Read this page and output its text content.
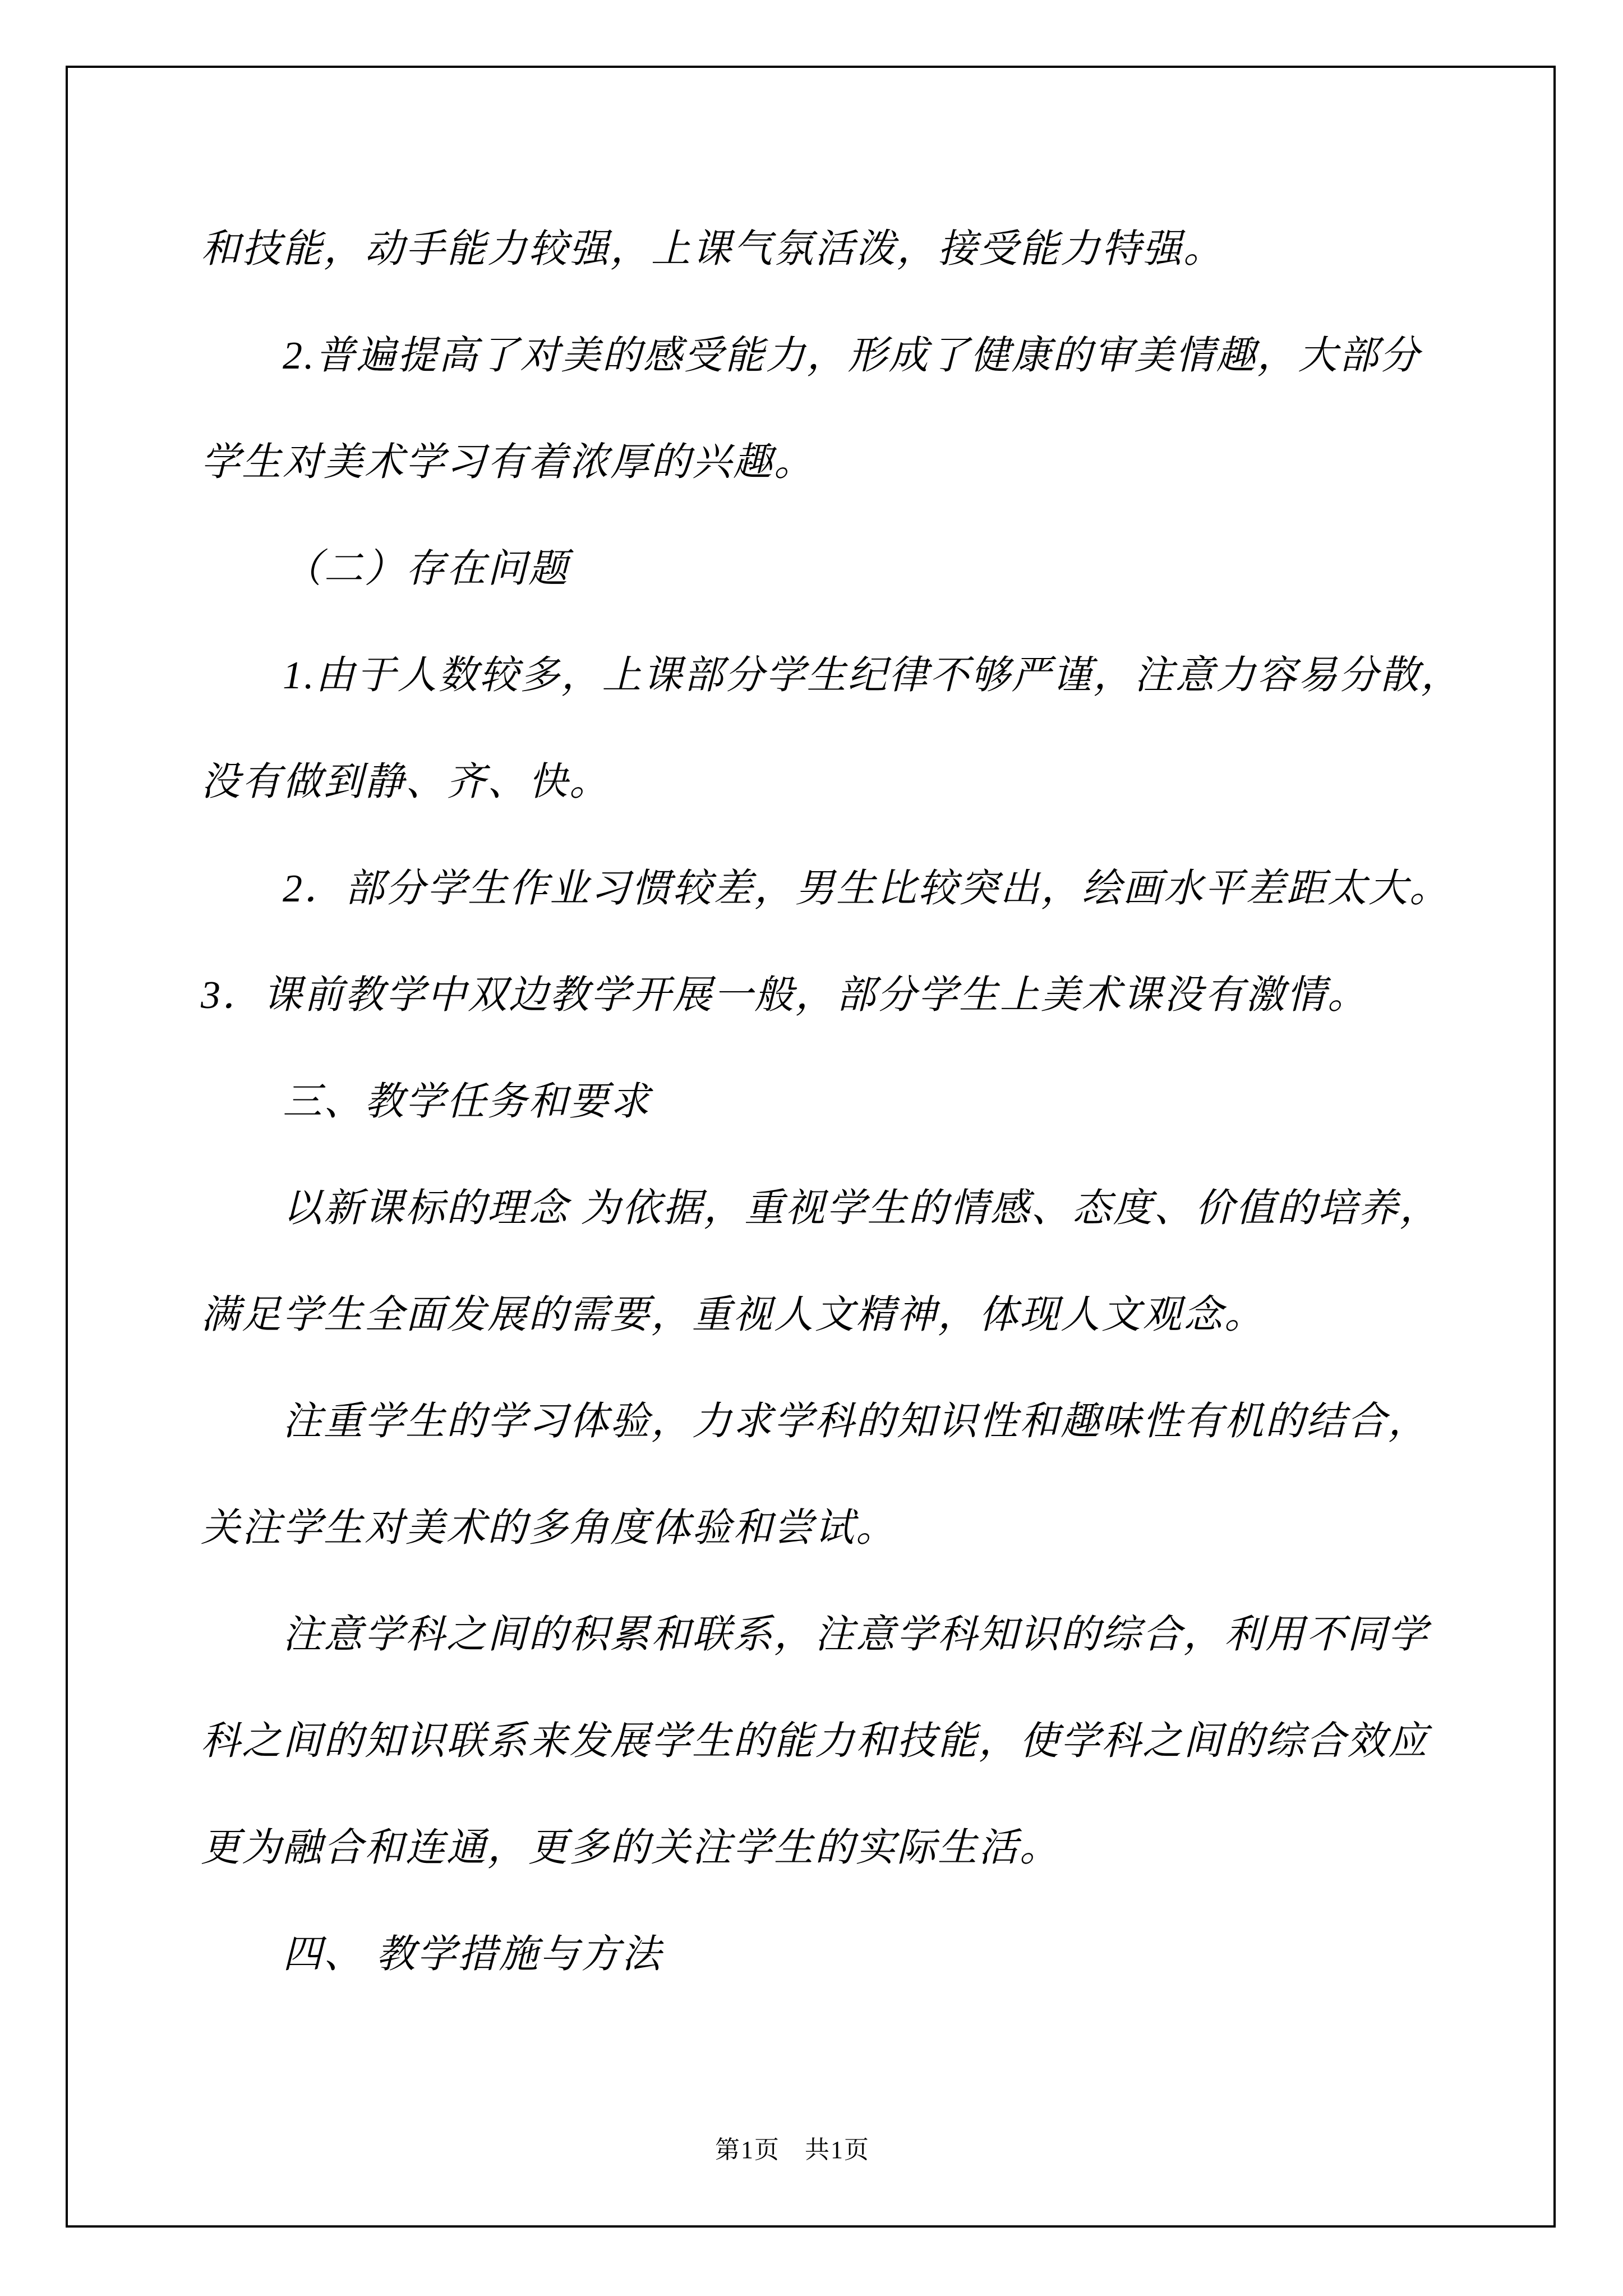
和技能，动手能力较强，上课气氛活泼，接受能力特强。
2.普遍提高了对美的感受能力，形成了健康的审美情趣，大部分
学生对美术学习有着浓厚的兴趣。
（二）存在问题
1.由于人数较多，上课部分学生纪律不够严谨，注意力容易分散，
没有做到静、齐、快。
2．部分学生作业习惯较差，男生比较突出，绘画水平差距太大。
3．课前教学中双边教学开展一般，部分学生上美术课没有激情。
三、教学任务和要求
以新课标的理念 为依据，重视学生的情感、态度、价值的培养，
满足学生全面发展的需要，重视人文精神，体现人文观念。
注重学生的学习体验，力求学科的知识性和趣味性有机的结合，
关注学生对美术的多角度体验和尝试。
注意学科之间的积累和联系，注意学科知识的综合，利用不同学
科之间的知识联系来发展学生的能力和技能，使学科之间的综合效应
更为融合和连通，更多的关注学生的实际生活。
四、 教学措施与方法
第1页 共1页
